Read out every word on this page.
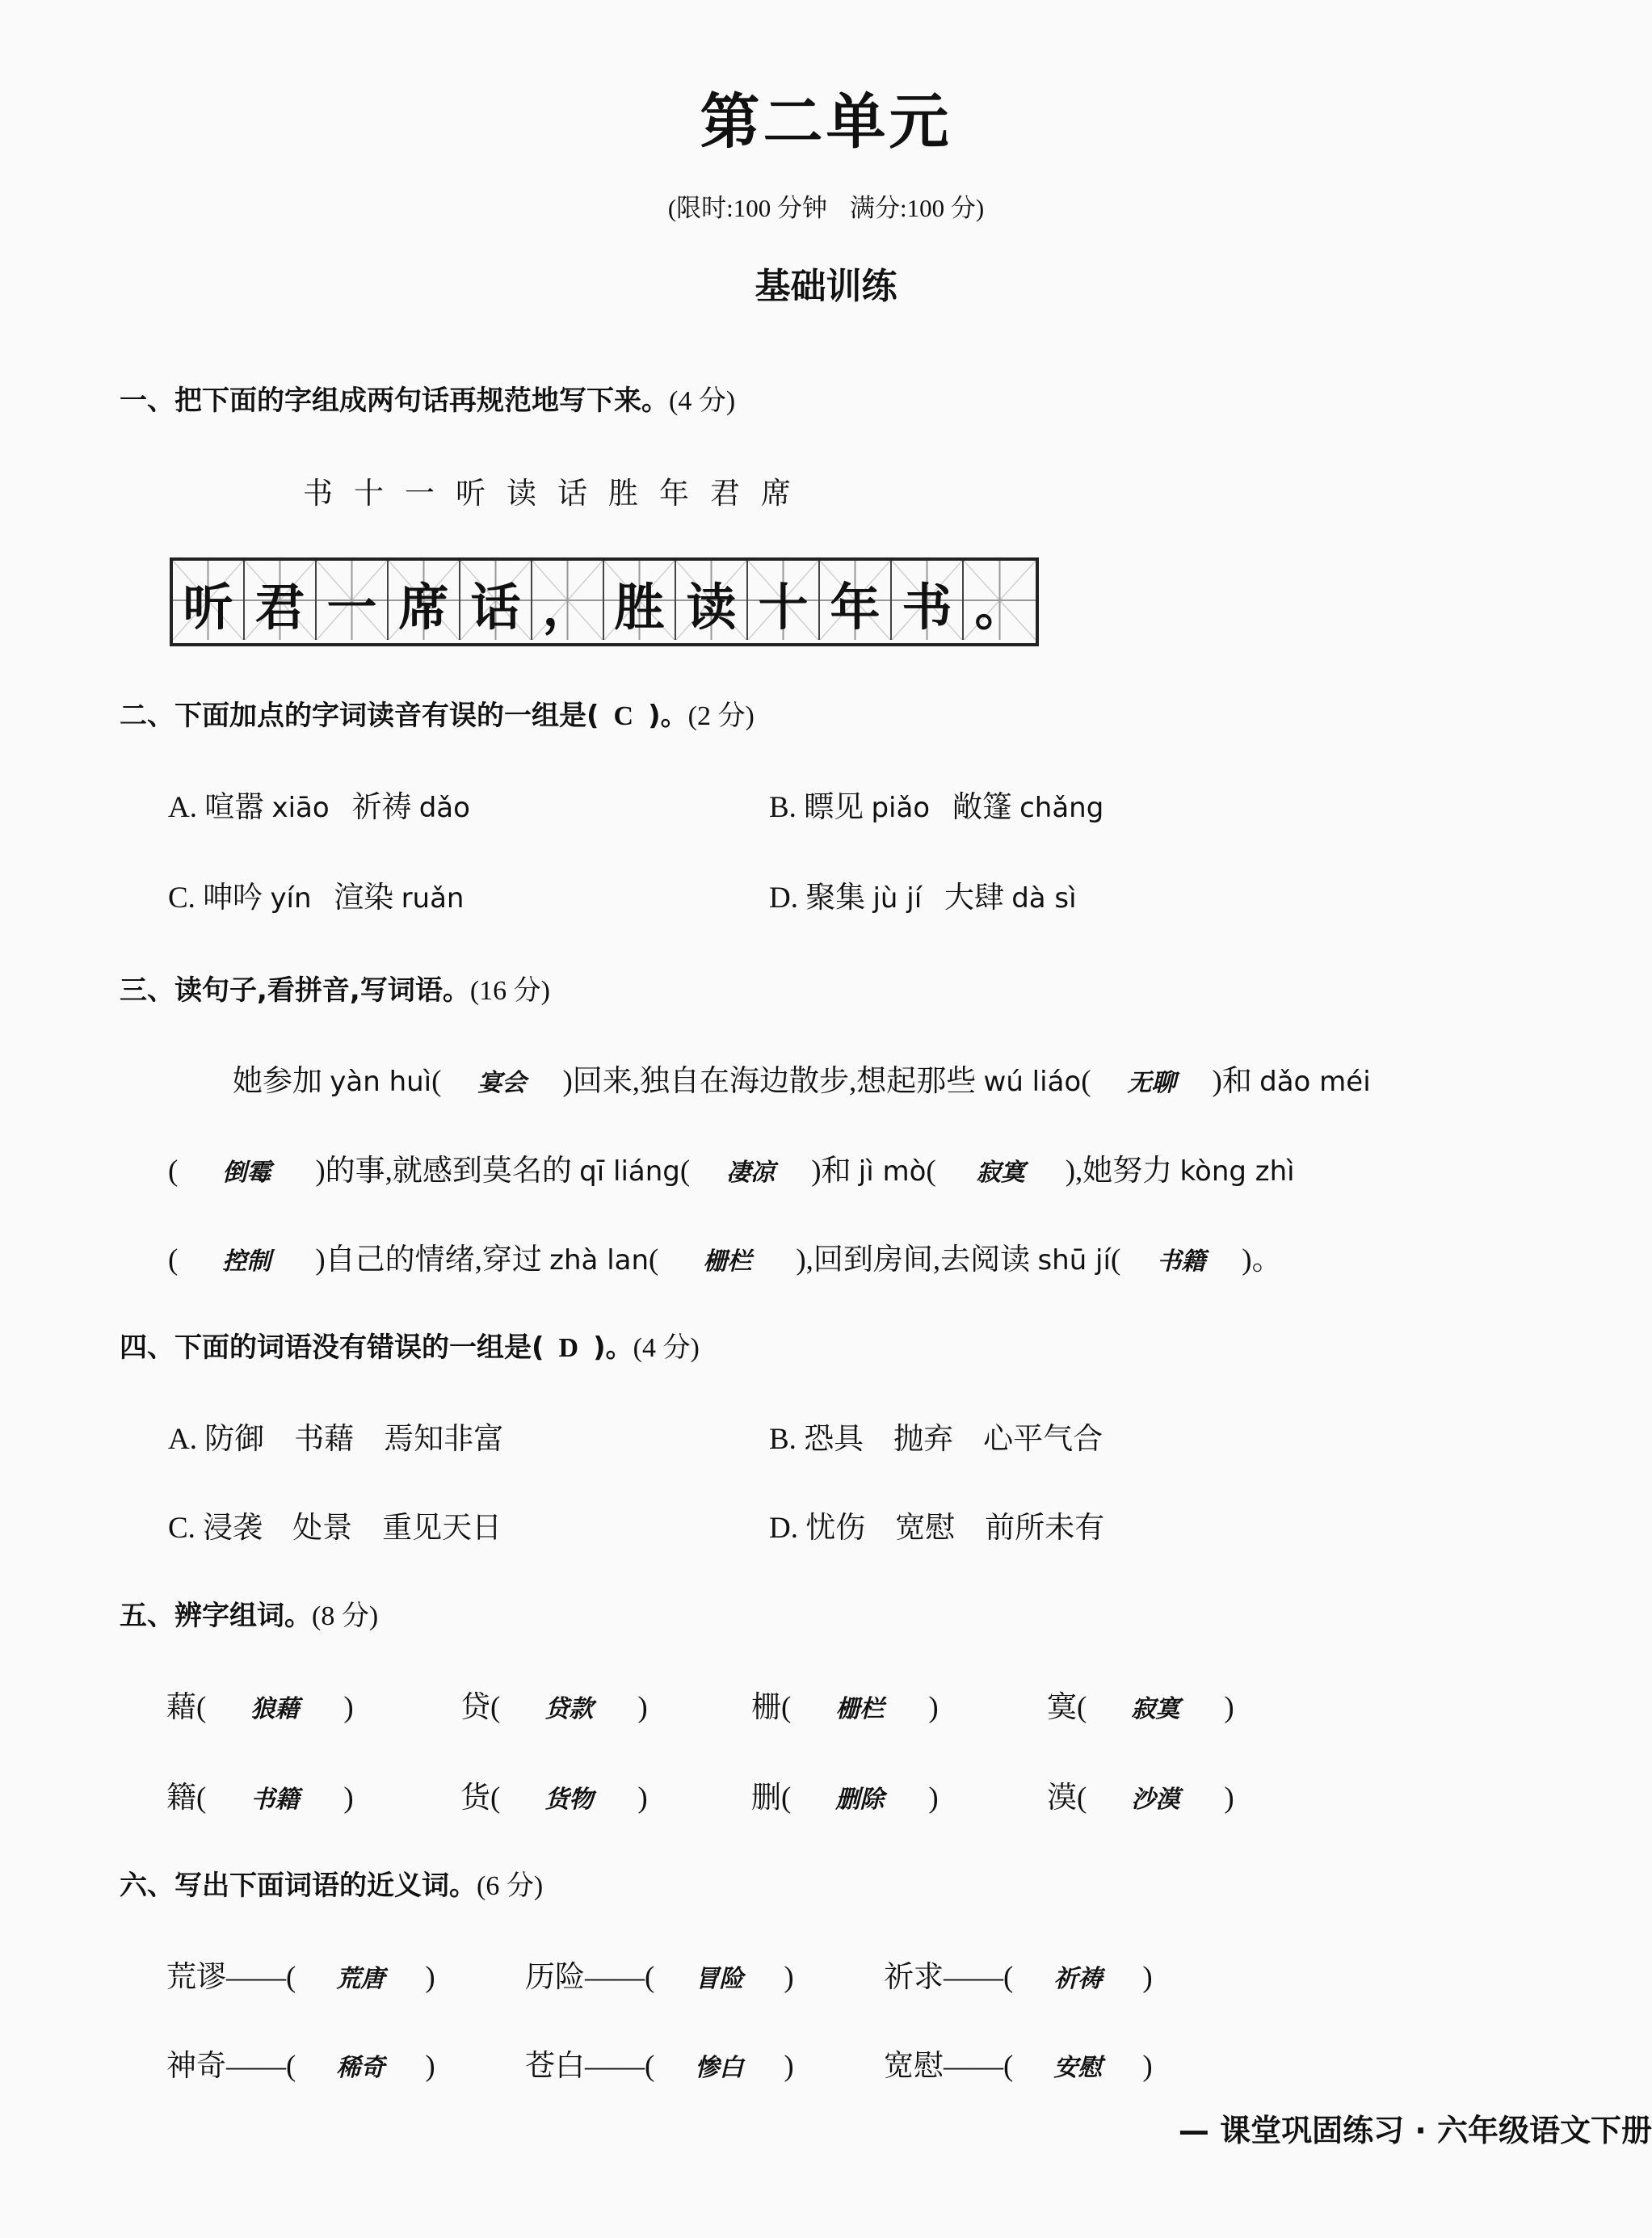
第二单元
(限时:100 分钟 满分:100 分)
基础训练
一、把下面的字组成两句话再规范地写下来。(4 分)
书 十 一 听 读 话 胜 年 君 席
听 君 一 席 话 ， 胜 读 十 年 书 。
二、下面加点的字词读音有误的一组是( C )。(2 分)
A. 喧嚣 xiāo 祈祷 dǎo	B. 瞟见 piǎo 敞篷 chǎng
C. 呻吟 yín 渲染 ruǎn	D. 聚集 jù jí 大肆 dà sì
三、读句子,看拼音,写词语。(16 分)
她参加 yàn huì( 宴会 )回来,独自在海边散步,想起那些 wú liáo( 无聊 )和 dǎo méi
( 倒霉 )的事,就感到莫名的 qī liáng( 凄凉 )和 jì mò( 寂寞 ),她努力 kòng zhì
( 控制 )自己的情绪,穿过 zhà lan( 栅栏 ),回到房间,去阅读 shū jí( 书籍 )。
四、下面的词语没有错误的一组是( D )。(4 分)
A. 防御　书藉　焉知非富	B. 恐具　抛弃　心平气合
C. 浸袭　处景　重见天日	D. 忧伤　宽慰　前所未有
五、辨字组词。(8 分)
藉( 狼藉 )	贷( 贷款 )	栅( 栅栏 )	寞( 寂寞 )
籍( 书籍 )	货( 货物 )	删( 删除 )	漠( 沙漠 )
六、写出下面词语的近义词。(6 分)
荒谬——( 荒唐 )	历险——( 冒险 )	祈求——( 祈祷 )
神奇——( 稀奇 )	苍白——( 惨白 )	宽慰——( 安慰 )
— 课堂巩固练习 · 六年级语文下册
